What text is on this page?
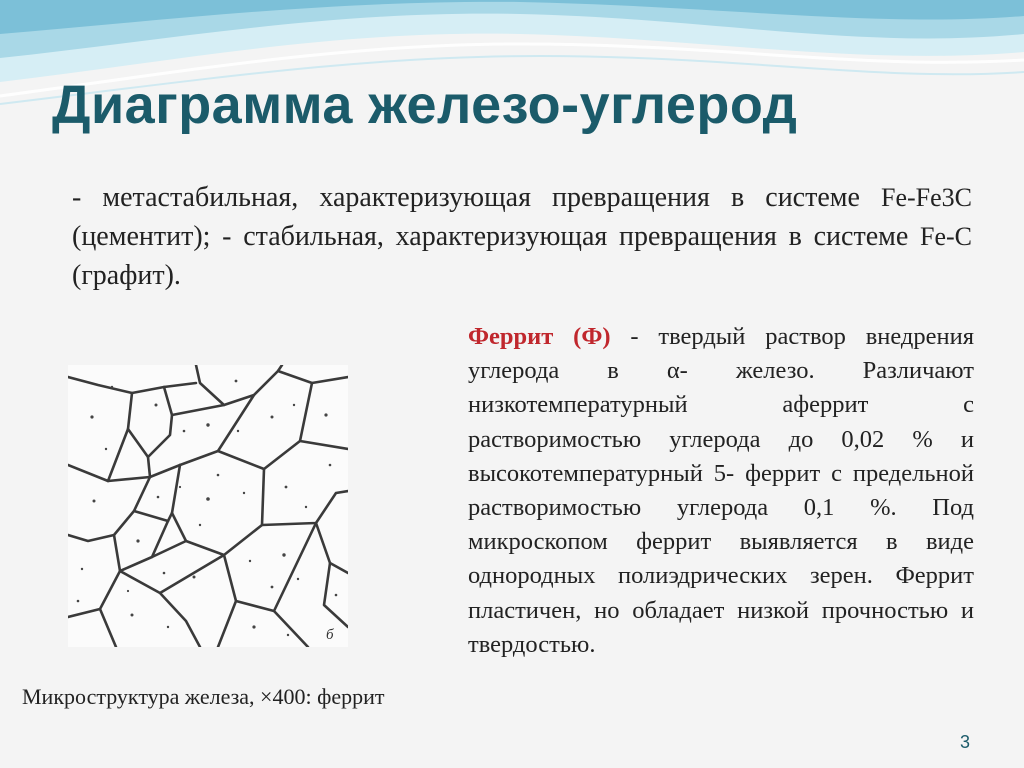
Диаграмма железо-углерод
- метастабильная, характеризующая превращения в системе Fe-Fe3C (цементит); - стабильная, характеризующая превращения в системе Fe-C (графит).
б
Микроструктура железа, ×400: феррит
Феррит (Ф) - твердый раствор внедрения углерода в α- железо. Различают низкотемпературный аферрит с растворимостью углерода до 0,02 % и высокотемпературный 5- феррит с предельной растворимостью углерода 0,1 %. Под микроскопом феррит выявляется в виде однородных полиэдрических зерен. Феррит пластичен, но обладает низкой прочностью и твердостью.
3
